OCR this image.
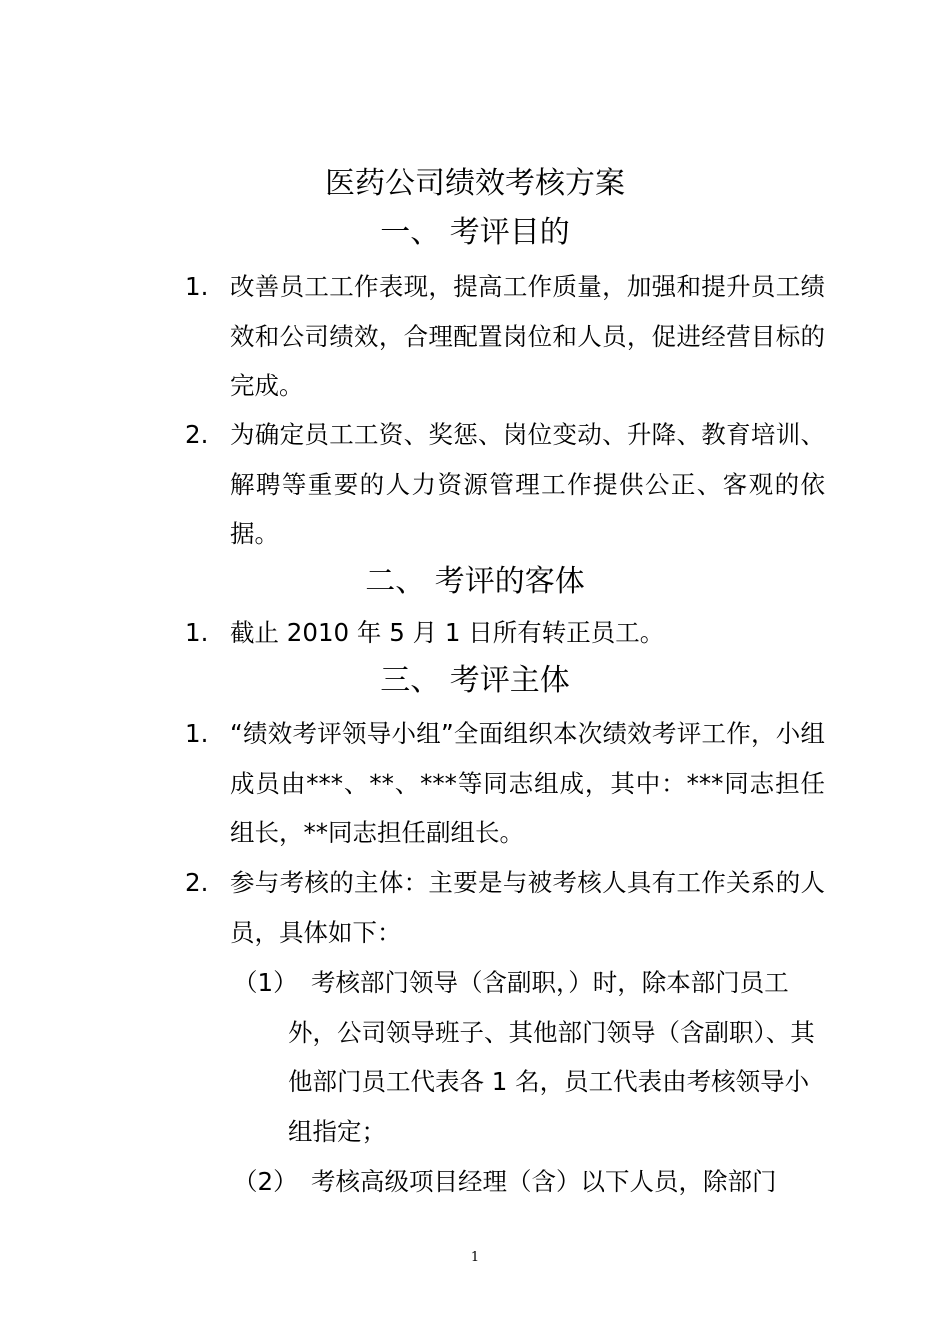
医药公司绩效考核方案
一、 考评目的
1. 改善员工工作表现，提高工作质量，加强和提升员工绩效和公司绩效，合理配置岗位和人员，促进经营目标的完成。
2. 为确定员工工资、奖惩、岗位变动、升降、教育培训、解聘等重要的人力资源管理工作提供公正、客观的依据。
二、 考评的客体
1. 截止 2010 年 5 月 1 日所有转正员工。
三、 考评主体
1. “绩效考评领导小组”全面组织本次绩效考评工作，小组成员由***、**、***等同志组成，其中：***同志担任组长，**同志担任副组长。
2. 参与考核的主体：主要是与被考核人具有工作关系的人员，具体如下：
（1） 考核部门领导（含副职，）时，除本部门员工外，公司领导班子、其他部门领导（含副职）、其他部门员工代表各 1 名，员工代表由考核领导小组指定；
（2） 考核高级项目经理（含）以下人员，除部门
1
